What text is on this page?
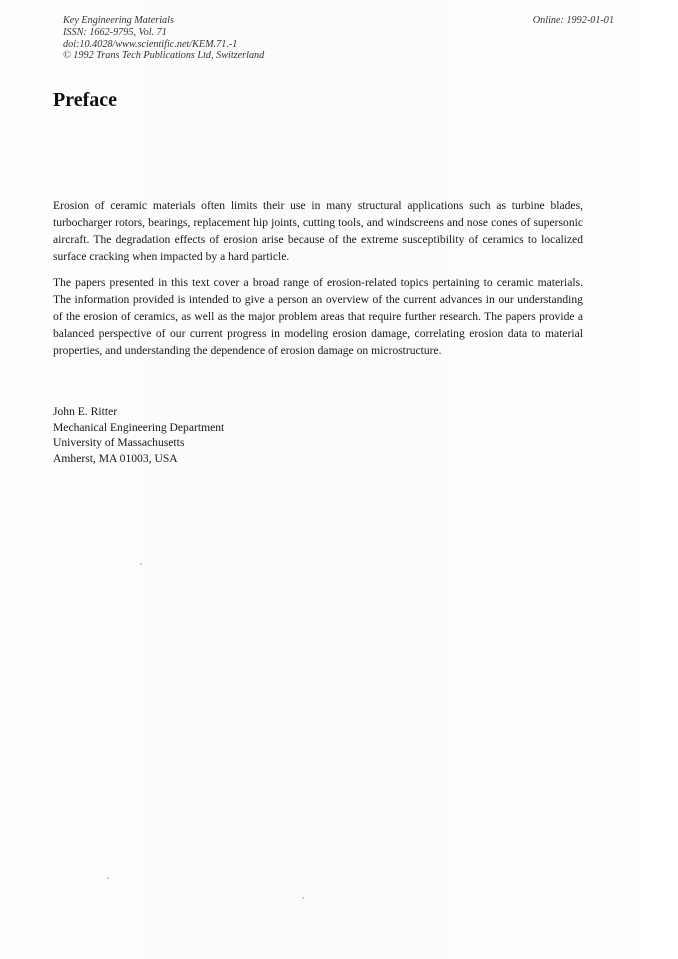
Key Engineering Materials
ISSN: 1662-9795, Vol. 71
doi:10.4028/www.scientific.net/KEM.71.-1
© 1992 Trans Tech Publications Ltd, Switzerland
Online: 1992-01-01
Preface

Erosion of ceramic materials often limits their use in many structural applications such as turbine blades, turbocharger rotors, bearings, replacement hip joints, cutting tools, and windscreens and nose cones of supersonic aircraft. The degradation effects of erosion arise because of the extreme susceptibility of ceramics to localized surface cracking when impacted by a hard particle.

The papers presented in this text cover a broad range of erosion-related topics pertaining to ceramic materials. The information provided is intended to give a person an overview of the current advances in our understanding of the erosion of ceramics, as well as the major problem areas that require further research. The papers provide a balanced perspective of our current progress in modeling erosion damage, correlating erosion data to material properties, and understanding the dependence of erosion damage on microstructure.

John E. Ritter
Mechanical Engineering Department
University of Massachusetts
Amherst, MA 01003, USA
